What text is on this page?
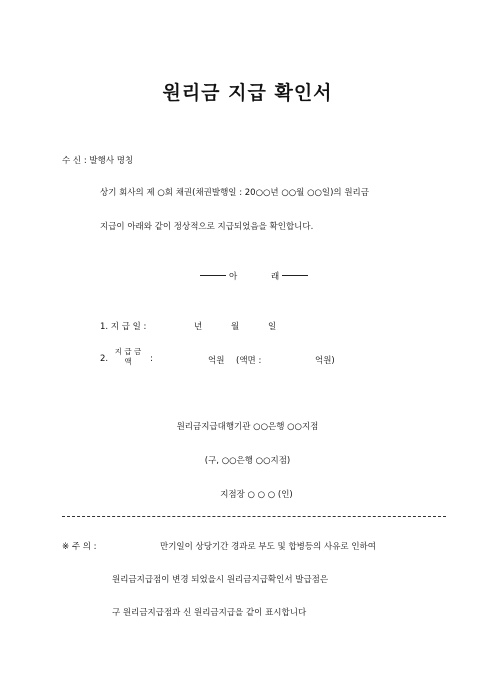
원리금 지급 확인서
수 신 : 발행사 명칭
상기 회사의 제 ○회 채권(채권발행일 : 20○○년 ○○월 ○○일)의 원리금
지급이 아래와 같이 정상적으로 지급되었음을 확인합니다.
아	래
1. 지 급 일 :	년	월	일
2.
지 급 금
액	:	억원 (액면 :	억원)
원리금지급대행기관 ○○은행 ○○지점
(구, ○○은행 ○○지점)
지점장 ○ ○ ○ (인)
※ 주 의 :	만기일이 상당기간 경과로 부도 및 합병등의 사유로 인하여
원리금지급점이 변경 되었을시 원리금지급확인서 발급점은
구 원리금지급점과 신 원리금지급을 같이 표시합니다
